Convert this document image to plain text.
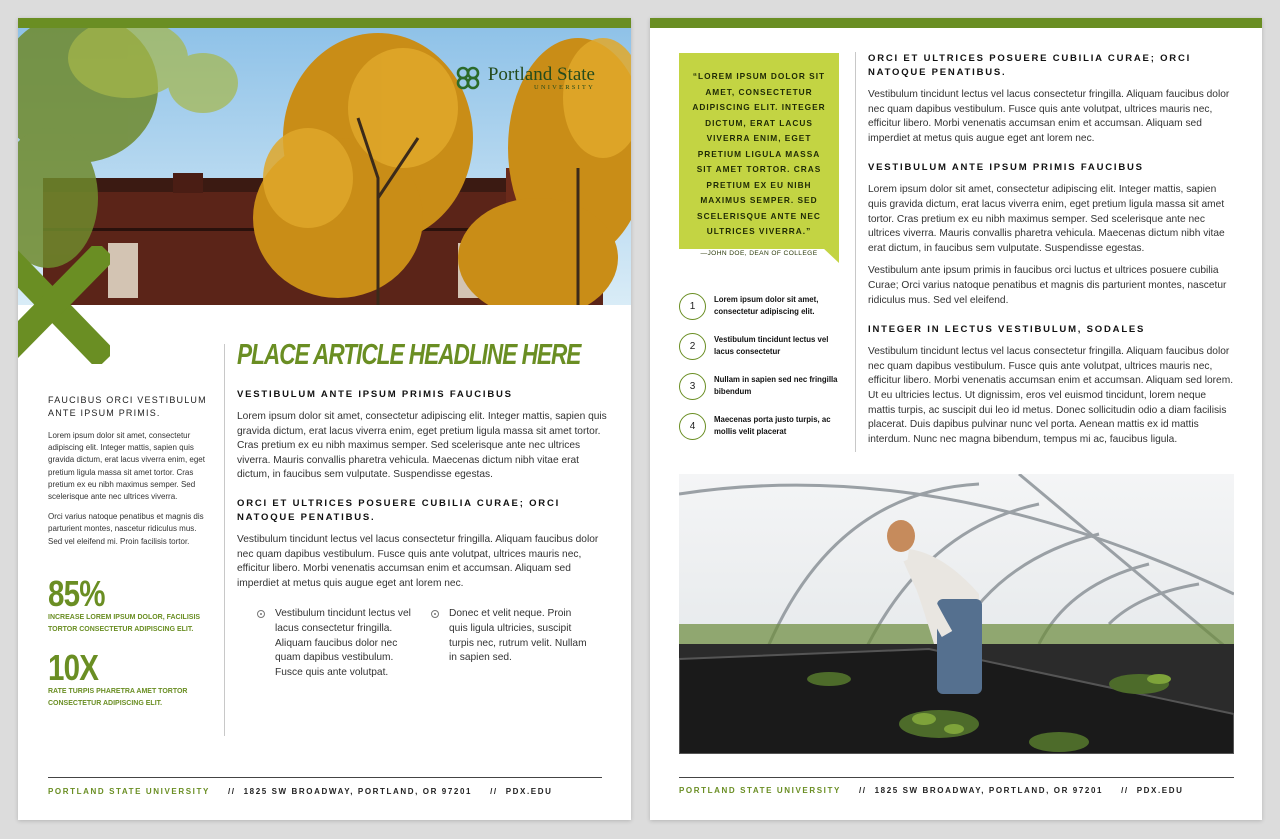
Portland State
UNIVERSITY
FAUCIBUS ORCI VESTIBULUM ANTE IPSUM PRIMIS.

Lorem ipsum dolor sit amet, consectetur adipiscing elit. Integer mattis, sapien quis gravida dictum, erat lacus viverra enim, eget pretium ligula massa sit amet tortor. Cras pretium ex eu nibh maximus semper. Sed scelerisque ante nec ultrices viverra.

Orci varius natoque penatibus et magnis dis parturient montes, nascetur ridiculus mus. Sed vel eleifend mi. Proin facilisis tortor.

85%
INCREASE LOREM IPSUM DOLOR, FACILISIS TORTOR CONSECTETUR ADIPISCING ELIT.
10X
RATE TURPIS PHARETRA AMET TORTOR CONSECTETUR ADIPISCING ELIT.
PLACE ARTICLE HEADLINE HERE
VESTIBULUM ANTE IPSUM PRIMIS FAUCIBUS

Lorem ipsum dolor sit amet, consectetur adipiscing elit. Integer mattis, sapien quis gravida dictum, erat lacus viverra enim, eget pretium ligula massa sit amet tortor. Cras pretium ex eu nibh maximus semper. Sed scelerisque ante nec ultrices viverra. Mauris convallis pharetra vehicula. Maecenas dictum nibh vitae erat dictum, in faucibus sem vulputate. Suspendisse egestas.

ORCI ET ULTRICES POSUERE CUBILIA CURAE; ORCI NATOQUE PENATIBUS.

Vestibulum tincidunt lectus vel lacus consectetur fringilla. Aliquam faucibus dolor nec quam dapibus vestibulum. Fusce quis ante volutpat, ultrices mauris nec, efficitur libero. Morbi venenatis accumsan enim et accumsan. Aliquam sed imperdiet at metus quis augue eget ant lorem nec.

Vestibulum tincidunt lectus vel lacus consectetur fringilla. Aliquam faucibus dolor nec quam dapibus vestibulum. Fusce quis ante volutpat.
Donec et velit neque. Proin quis ligula ultricies, suscipit turpis nec, rutrum velit. Nullam in sapien sed.
PORTLAND STATE UNIVERSITY // 1825 SW BROADWAY, PORTLAND, OR 97201 // PDX.EDU
“LOREM IPSUM DOLOR SIT AMET, CONSECTETUR ADIPISCING ELIT. INTEGER DICTUM, ERAT LACUS VIVERRA ENIM, EGET PRETIUM LIGULA MASSA SIT AMET TORTOR. CRAS PRETIUM EX EU NIBH MAXIMUS SEMPER. SED SCELERISQUE ANTE NEC ULTRICES VIVERRA.”
—JOHN DOE, DEAN OF COLLEGE
1
Lorem ipsum dolor sit amet, consectetur adipiscing elit.
2
Vestibulum tincidunt lectus vel lacus consectetur
3
Nullam in sapien sed nec fringilla bibendum
4
Maecenas porta justo turpis, ac mollis velit placerat
ORCI ET ULTRICES POSUERE CUBILIA CURAE; ORCI NATOQUE PENATIBUS.

Vestibulum tincidunt lectus vel lacus consectetur fringilla. Aliquam faucibus dolor nec quam dapibus vestibulum. Fusce quis ante volutpat, ultrices mauris nec, efficitur libero. Morbi venenatis accumsan enim et accumsan. Aliquam sed imperdiet at metus quis augue eget ant lorem nec.

VESTIBULUM ANTE IPSUM PRIMIS FAUCIBUS

Lorem ipsum dolor sit amet, consectetur adipiscing elit. Integer mattis, sapien quis gravida dictum, erat lacus viverra enim, eget pretium ligula massa sit amet tortor. Cras pretium ex eu nibh maximus semper. Sed scelerisque ante nec ultrices viverra. Mauris convallis pharetra vehicula. Maecenas dictum nibh vitae erat dictum, in faucibus sem vulputate. Suspendisse egestas.

Vestibulum ante ipsum primis in faucibus orci luctus et ultrices posuere cubilia Curae; Orci varius natoque penatibus et magnis dis parturient montes, nascetur ridiculus mus. Sed vel eleifend.

INTEGER IN LECTUS VESTIBULUM, SODALES

Vestibulum tincidunt lectus vel lacus consectetur fringilla. Aliquam faucibus dolor nec quam dapibus vestibulum. Fusce quis ante volutpat, ultrices mauris nec, efficitur libero. Morbi venenatis accumsan enim et accumsan. Aliquam sed lorem. Ut eu ultricies lectus. Ut dignissim, eros vel euismod tincidunt, lorem neque mattis turpis, ac suscipit dui leo id metus. Donec sollicitudin odio a diam facilisis placerat. Duis dapibus pulvinar nunc vel porta. Aenean mattis ex id mattis interdum. Nunc nec magna bibendum, tempus mi ac, faucibus ligula.

PORTLAND STATE UNIVERSITY // 1825 SW BROADWAY, PORTLAND, OR 97201 // PDX.EDU
